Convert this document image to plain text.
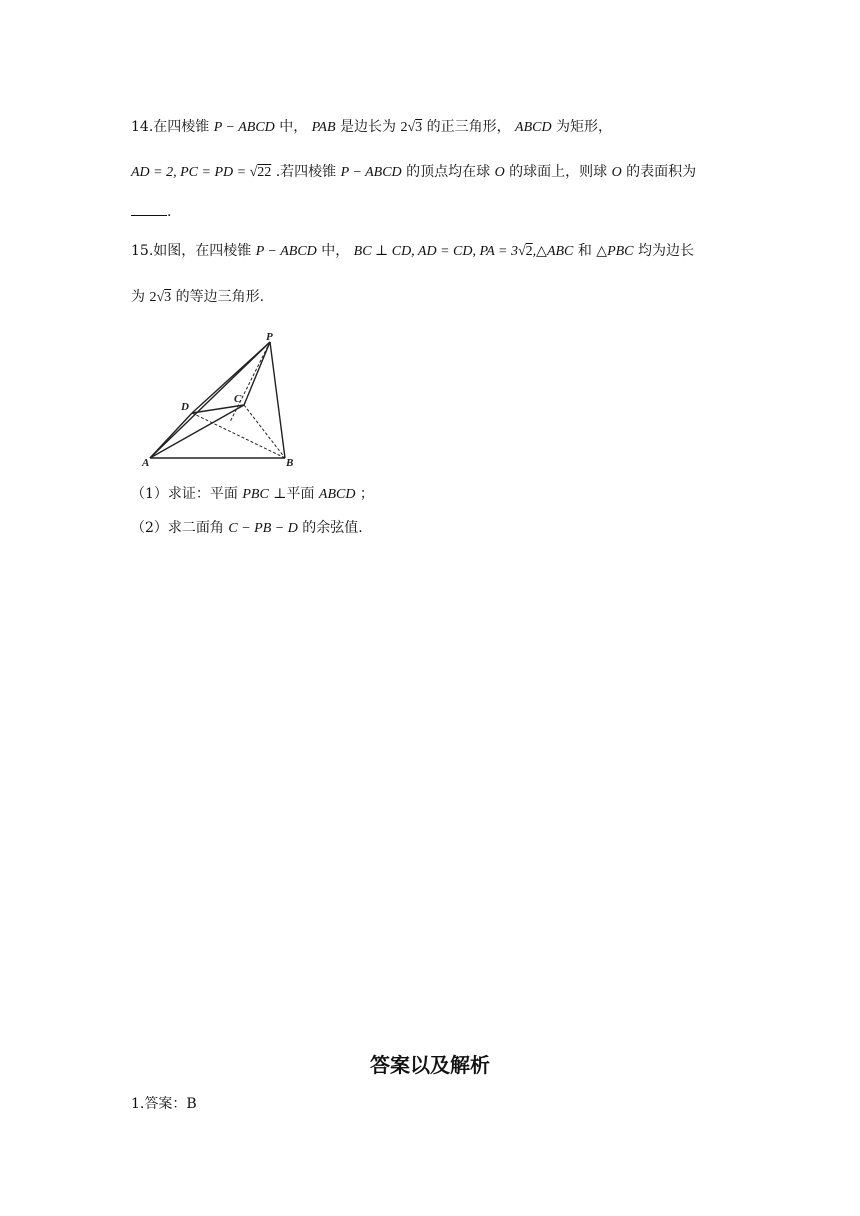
14.在四棱锥 P − ABCD 中， PAB 是边长为 2√3 的正三角形， ABCD 为矩形，
AD = 2, PC = PD = √22 .若四棱锥 P − ABCD 的顶点均在球 O 的球面上，则球 O 的表面积为
.
15.如图，在四棱锥 P − ABCD 中， BC ⊥ CD, AD = CD, PA = 3√2,△ABC 和 △PBC 均为边长
为 2√3 的等边三角形.
P
D
C
A	B
（1）求证：平面 PBC ⊥平面 ABCD ；
（2）求二面角 C − PB − D 的余弦值.
答案以及解析
1.答案：B
